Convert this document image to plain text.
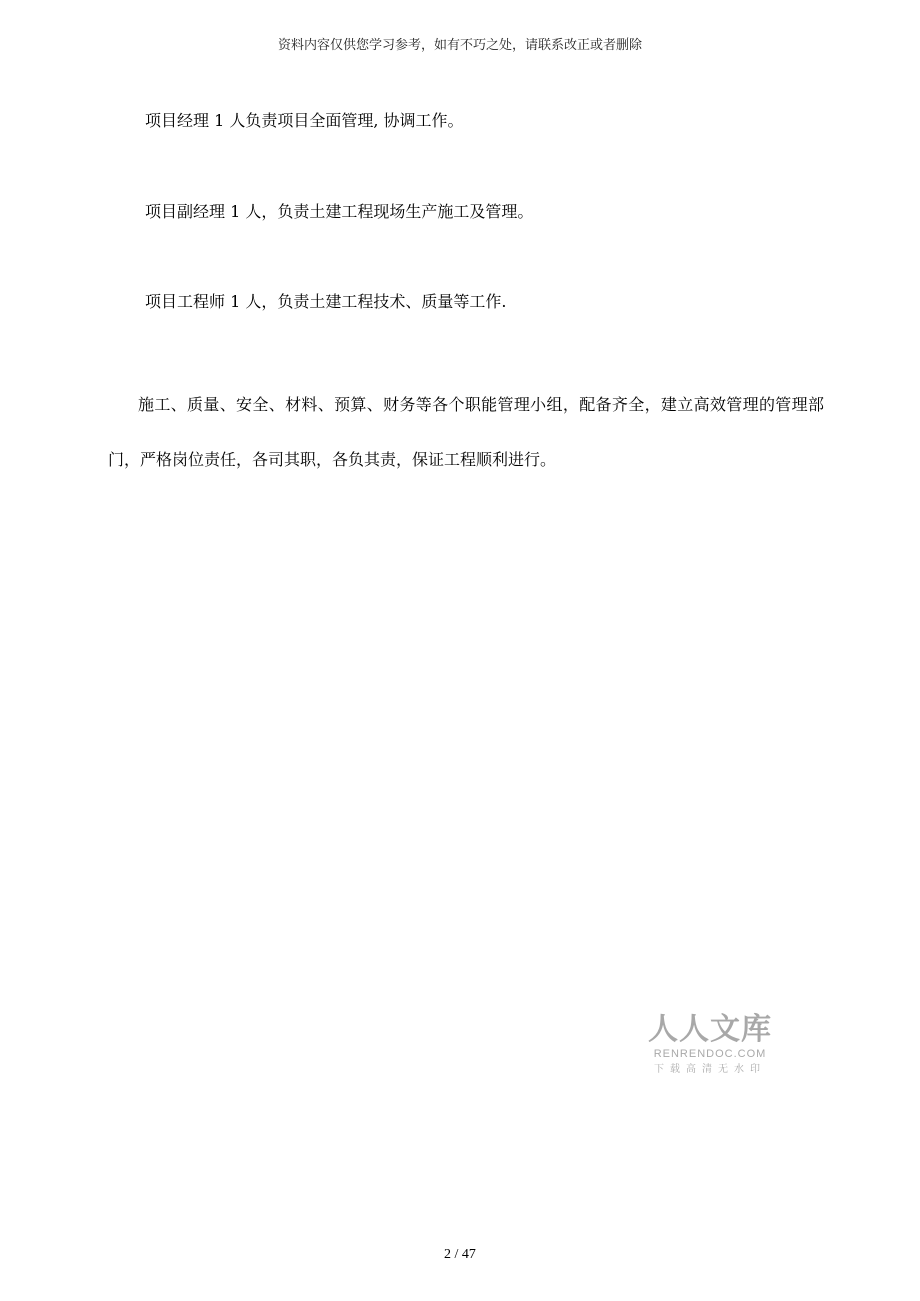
资料内容仅供您学习参考，如有不巧之处，请联系改正或者删除
项目经理 1 人负责项目全面管理, 协调工作。
项目副经理 1 人，负责土建工程现场生产施工及管理。
项目工程师 1 人，负责土建工程技术、质量等工作.
施工、质量、安全、材料、预算、财务等各个职能管理小组，配备齐全，建立高效管理的管理部门，严格岗位责任，各司其职，各负其责，保证工程顺利进行。
人人文库
RENRENDOC.COM
下载高清无水印
2 / 47
